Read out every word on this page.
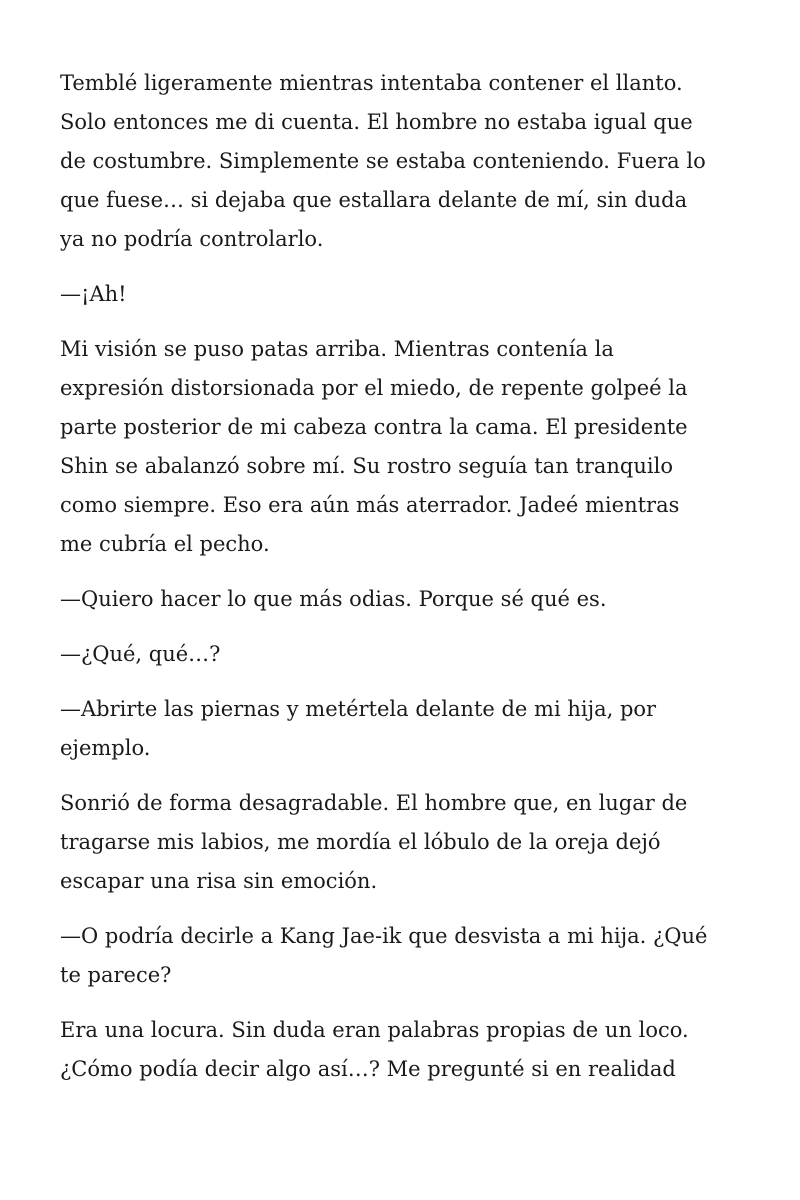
Temblé ligeramente mientras intentaba contener el llanto.
Solo entonces me di cuenta. El hombre no estaba igual que
de costumbre. Simplemente se estaba conteniendo. Fuera lo
que fuese… si dejaba que estallara delante de mí, sin duda
ya no podría controlarlo.

—¡Ah!

Mi visión se puso patas arriba. Mientras contenía la
expresión distorsionada por el miedo, de repente golpeé la
parte posterior de mi cabeza contra la cama. El presidente
Shin se abalanzó sobre mí. Su rostro seguía tan tranquilo
como siempre. Eso era aún más aterrador. Jadeé mientras
me cubría el pecho.

—Quiero hacer lo que más odias. Porque sé qué es.

—¿Qué, qué…?

—Abrirte las piernas y metértela delante de mi hija, por
ejemplo.

Sonrió de forma desagradable. El hombre que, en lugar de
tragarse mis labios, me mordía el lóbulo de la oreja dejó
escapar una risa sin emoción.

—O podría decirle a Kang Jae-ik que desvista a mi hija. ¿Qué
te parece?

Era una locura. Sin duda eran palabras propias de un loco.
¿Cómo podía decir algo así…? Me pregunté si en realidad
